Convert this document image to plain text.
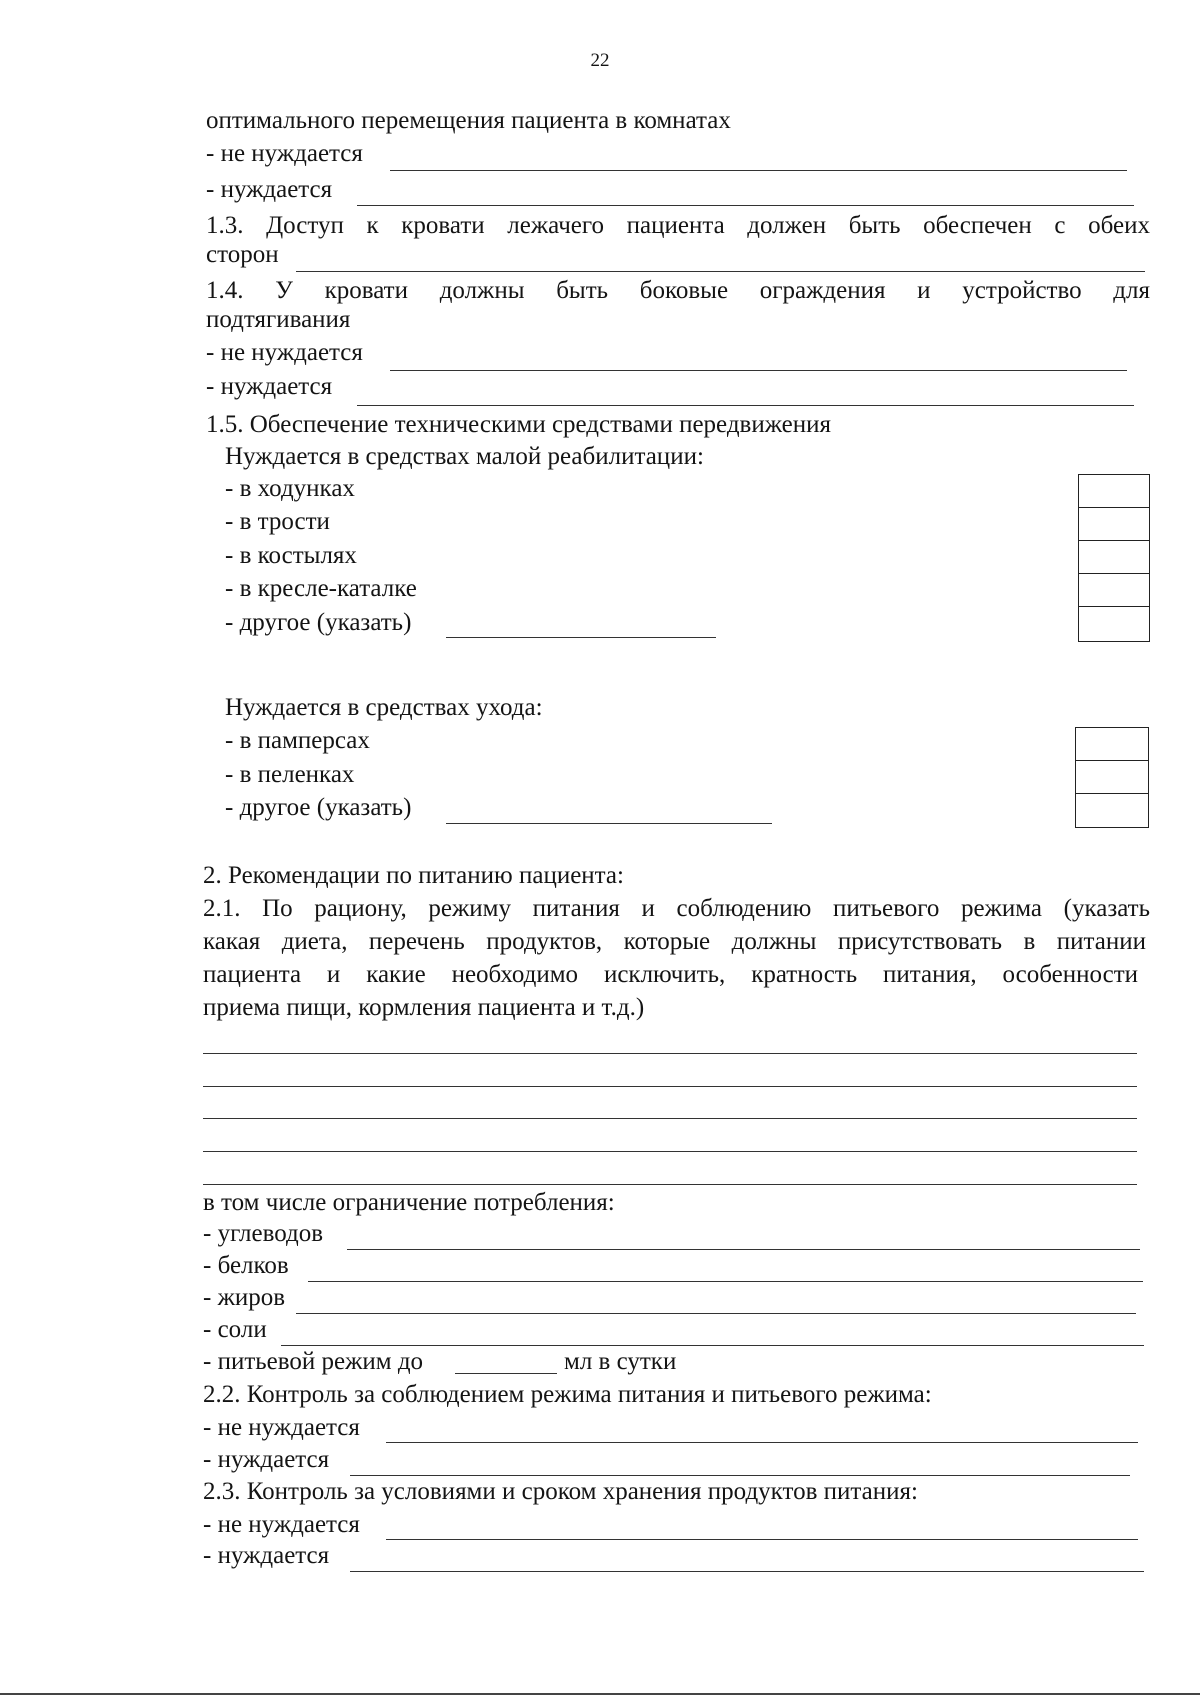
22
оптимального перемещения пациента в комнатах
- не нуждается
- нуждается
1.3. Доступ к кровати лежачего пациента должен быть обеспечен с обеих
сторон
1.4. У кровати должны быть боковые ограждения и устройство для
подтягивания
- не нуждается
- нуждается
1.5. Обеспечение техническими средствами передвижения
Нуждается в средствах малой реабилитации:
- в ходунках
- в трости
- в костылях
- в кресле-каталке
- другое (указать)
Нуждается в средствах ухода:
- в памперсах
- в пеленках
- другое (указать)
2. Рекомендации по питанию пациента:
2.1. По рациону, режиму питания и соблюдению питьевого режима (указать
какая диета, перечень продуктов, которые должны присутствовать в питании
пациента и какие необходимо исключить, кратность питания, особенности
приема пищи, кормления пациента и т.д.)
в том числе ограничение потребления:
- углеводов
- белков
- жиров
- соли
- питьевой режим до	мл в сутки
2.2. Контроль за соблюдением режима питания и питьевого режима:
- не нуждается
- нуждается
2.3. Контроль за условиями и сроком хранения продуктов питания:
- не нуждается
- нуждается
